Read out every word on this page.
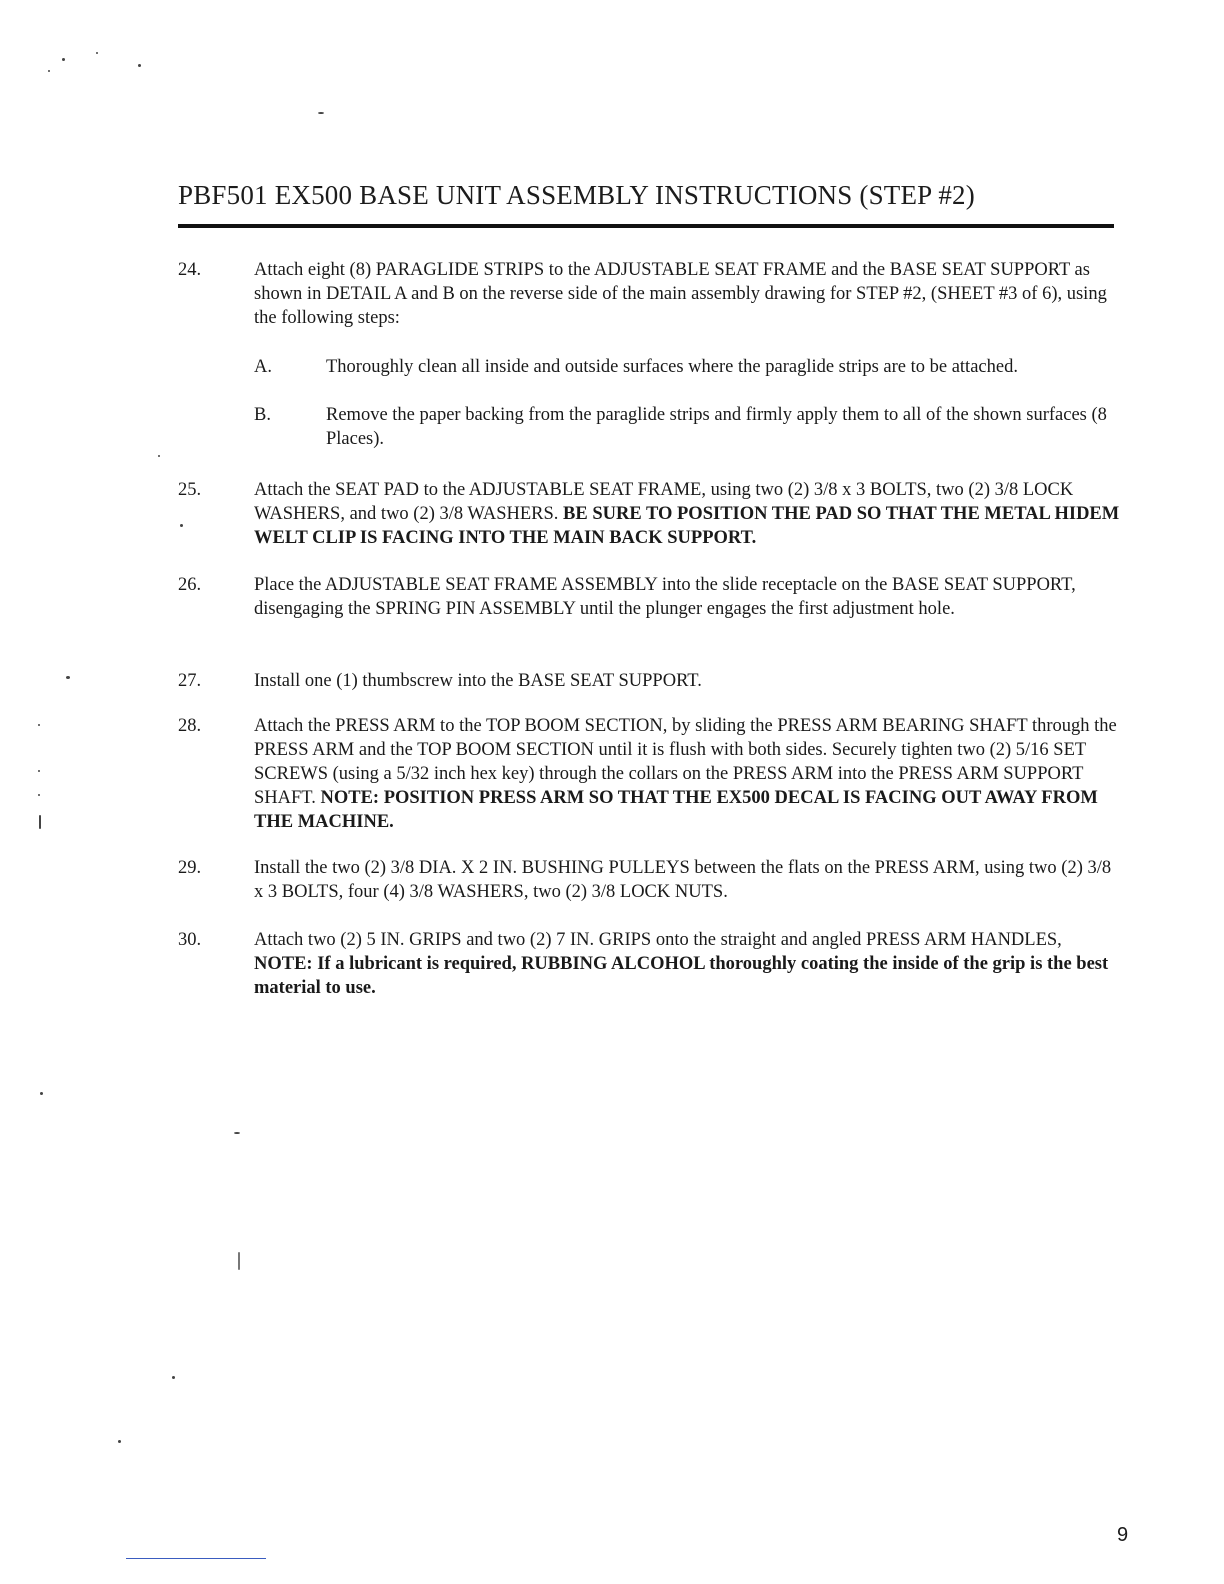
PBF501 EX500 BASE UNIT ASSEMBLY INSTRUCTIONS (STEP #2)
24.	Attach eight (8) PARAGLIDE STRIPS to the ADJUSTABLE SEAT FRAME and the BASE SEAT SUPPORT as shown in DETAIL A and B on the reverse side of the main assembly drawing for STEP #2, (SHEET #3 of 6), using the following steps:
A.	Thoroughly clean all inside and outside surfaces where the paraglide strips are to be attached.
B.	Remove the paper backing from the paraglide strips and firmly apply them to all of the shown surfaces (8 Places).
25.	Attach the SEAT PAD to the ADJUSTABLE SEAT FRAME, using two (2) 3/8 x 3 BOLTS, two (2) 3/8 LOCK WASHERS, and two (2) 3/8 WASHERS. BE SURE TO POSITION THE PAD SO THAT THE METAL HIDEM WELT CLIP IS FACING INTO THE MAIN BACK SUPPORT.
26.	Place the ADJUSTABLE SEAT FRAME ASSEMBLY into the slide receptacle on the BASE SEAT SUPPORT, disengaging the SPRING PIN ASSEMBLY until the plunger engages the first adjustment hole.
27.	Install one (1) thumbscrew into the BASE SEAT SUPPORT.
28.	Attach the PRESS ARM to the TOP BOOM SECTION, by sliding the PRESS ARM BEARING SHAFT through the PRESS ARM and the TOP BOOM SECTION until it is flush with both sides. Securely tighten two (2) 5/16 SET SCREWS (using a 5/32 inch hex key) through the collars on the PRESS ARM into the PRESS ARM SUPPORT SHAFT. NOTE: POSITION PRESS ARM SO THAT THE EX500 DECAL IS FACING OUT AWAY FROM THE MACHINE.
29.	Install the two (2) 3/8 DIA. X 2 IN. BUSHING PULLEYS between the flats on the PRESS ARM, using two (2) 3/8 x 3 BOLTS, four (4) 3/8 WASHERS, two (2) 3/8 LOCK NUTS.
30.	Attach two (2) 5 IN. GRIPS and two (2) 7 IN. GRIPS onto the straight and angled PRESS ARM HANDLES, NOTE: If a lubricant is required, RUBBING ALCOHOL thoroughly coating the inside of the grip is the best material to use.
9
